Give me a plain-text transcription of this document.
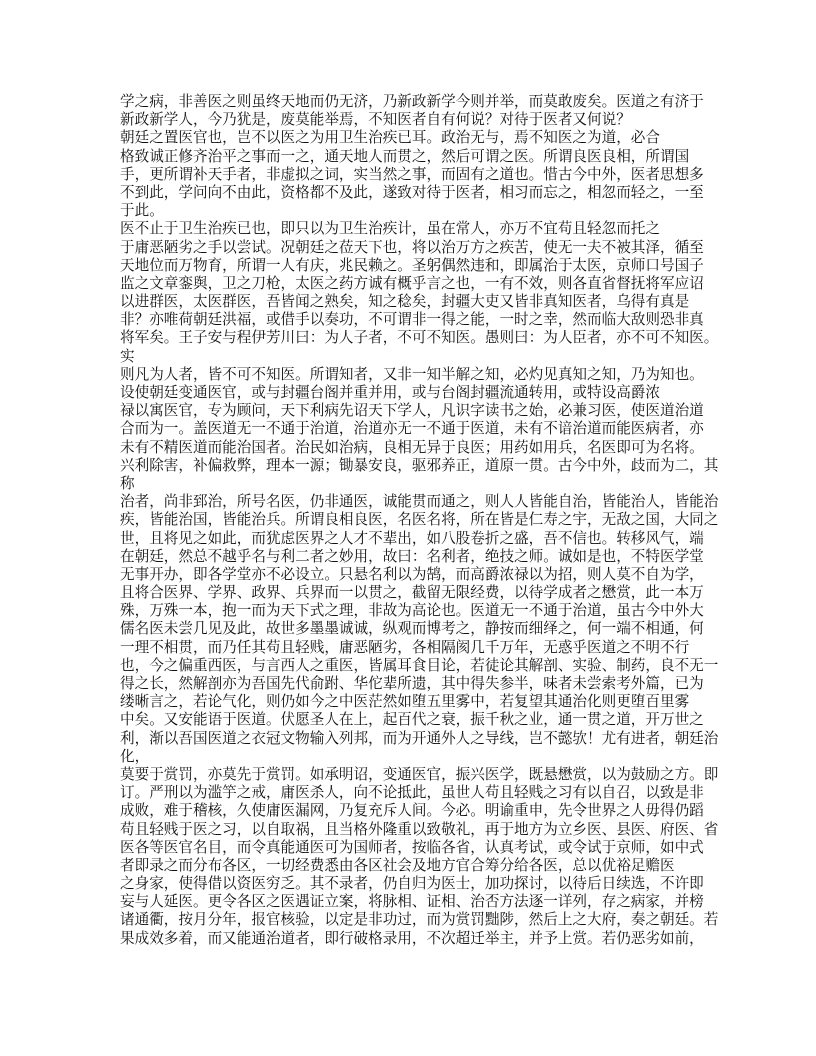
学之病，非善医之则虽终天地而仍无济，乃新政新学今则并举，而莫敢废矣。医道之有济于
新政新学人，今乃犹是，废莫能举焉，不知医者自有何说？对待于医者又何说？
朝廷之置医官也，岂不以医之为用卫生治疾已耳。政治无与，焉不知医之为道，必合
格致诚正修齐治平之事而一之，通天地人而贯之，然后可谓之医。所谓良医良相，所谓国
手，更所谓补天手者，非虚拟之词，实当然之事，而固有之道也。惜古今中外，医者思想多
不到此，学问向不由此，资格都不及此，遂致对待于医者，相习而忘之，相忽而轻之，一至
于此。
医不止于卫生治疾已也，即只以为卫生治疾计，虽在常人，亦万不宜苟且轻忽而托之
于庸恶陋劣之手以尝试。况朝廷之莅天下也，将以治万方之疾苦，使无一夫不被其泽，循至
天地位而万物育，所谓一人有庆，兆民赖之。圣躬偶然违和，即属治于太医，京师口号国子
监之文章銮舆，卫之刀枪，太医之药方诚有概乎言之也，一有不效，则各直省督抚将军应诏
以进群医，太医群医，吾皆闻之熟矣，知之稔矣，封疆大吏又皆非真知医者，乌得有真是
非？亦唯荷朝廷洪福，或借手以奏功，不可谓非一得之能，一时之幸，然而临大敌则恐非真
将军矣。王子安与程伊芳川曰：为人子者，不可不知医。愚则曰：为人臣者，亦不可不知医。
实
则凡为人者，皆不可不知医。所谓知者，又非一知半解之知，必灼见真知之知，乃为知也。
设使朝廷变通医官，或与封疆台阁并重并用，或与台阁封疆流通转用，或特设高爵浓
禄以寓医官，专为顾问，天下利病先诏天下学人，凡识字读书之始，必兼习医，使医道治道
合而为一。盖医道无一不通于治道，治道亦无一不通于医道，未有不谙治道而能医病者，亦
未有不精医道而能治国者。治民如治病，良相无异于良医；用药如用兵，名医即可为名将。
兴利除害，补偏救弊，理本一源；锄暴安良，驱邪养正，道原一贯。古今中外，歧而为二，其
称
治者，尚非郅治，所号名医，仍非通医，诚能贯而通之，则人人皆能自治，皆能治人，皆能治
疾，皆能治国，皆能治兵。所谓良相良医，名医名将，所在皆是仁寿之宇，无敌之国，大同之
世，且将见之如此，而犹虑医界之人才不辈出，如八股卷折之盛，吾不信也。转移风气，端
在朝廷，然总不越乎名与利二者之妙用，故曰：名利者，绝技之师。诚如是也，不特医学堂
无事开办，即各学堂亦不必设立。只悬名利以为鹄，而高爵浓禄以为招，则人莫不自为学，
且将合医界、学界、政界、兵界而一以贯之，截留无限经费，以待学成者之懋赏，此一本万
殊，万殊一本，抱一而为天下式之理，非故为高论也。医道无一不通于治道，虽古今中外大
儒名医未尝几见及此，故世多墨墨诚诚，纵观而博考之，静按而细绎之，何一端不相通，何
一理不相贯，而乃任其苟且轻贱，庸恶陋劣，各相隔阂几千万年，无惑乎医道之不明不行
也，今之偏重西医，与言西人之重医，皆属耳食目论，若徒论其解剖、实验、制药，良不无一
得之长，然解剖亦为吾国先代俞跗、华佗辈所遗，其中得失参半，味者未尝索考外篇，已为
缕晰言之，若论气化，则仍如今之中医茫然如堕五里雾中，若复望其通治化则更堕百里雾
中矣。又安能语于医道。伏愿圣人在上，起百代之衰，振千秋之业，通一贯之道，开万世之
利，渐以吾国医道之衣冠文物输入列邦，而为开通外人之导线，岂不懿欤！尤有进者，朝廷治
化，
莫要于赏罚，亦莫先于赏罚。如承明诏，变通医官，振兴医学，既悬懋赏，以为鼓励之方。即
订。严刑以为滥竽之戒，庸医杀人，向不论抵此，虽世人苟且轻贱之习有以自召，以致是非
成败，难于稽核，久使庸医漏网，乃复充斥人间。今必。明谕重申，先令世界之人毋得仍蹈
苟且轻贱于医之习，以自取祸，且当格外隆重以致敬礼，再于地方为立乡医、县医、府医、省
医各等医官名目，而令真能通医可为国师者，按临各省，认真考试，或令试于京师，如中式
者即录之而分布各区，一切经费悉由各区社会及地方官合筹分给各医，总以优裕足赡医
之身家，使得借以资医穷乏。其不录者，仍自归为医士，加功探讨，以待后日续选，不许即
妄与人延医。更令各区之医遇证立案，将脉相、证相、治否方法逐一详列，存之病家，并榜
诸通衢，按月分年，报官核验，以定是非功过，而为赏罚黜陟，然后上之大府，奏之朝廷。若
果成效多着，而又能通治道者，即行破格录用，不次超迁举主，并予上赏。若仍恶劣如前，
